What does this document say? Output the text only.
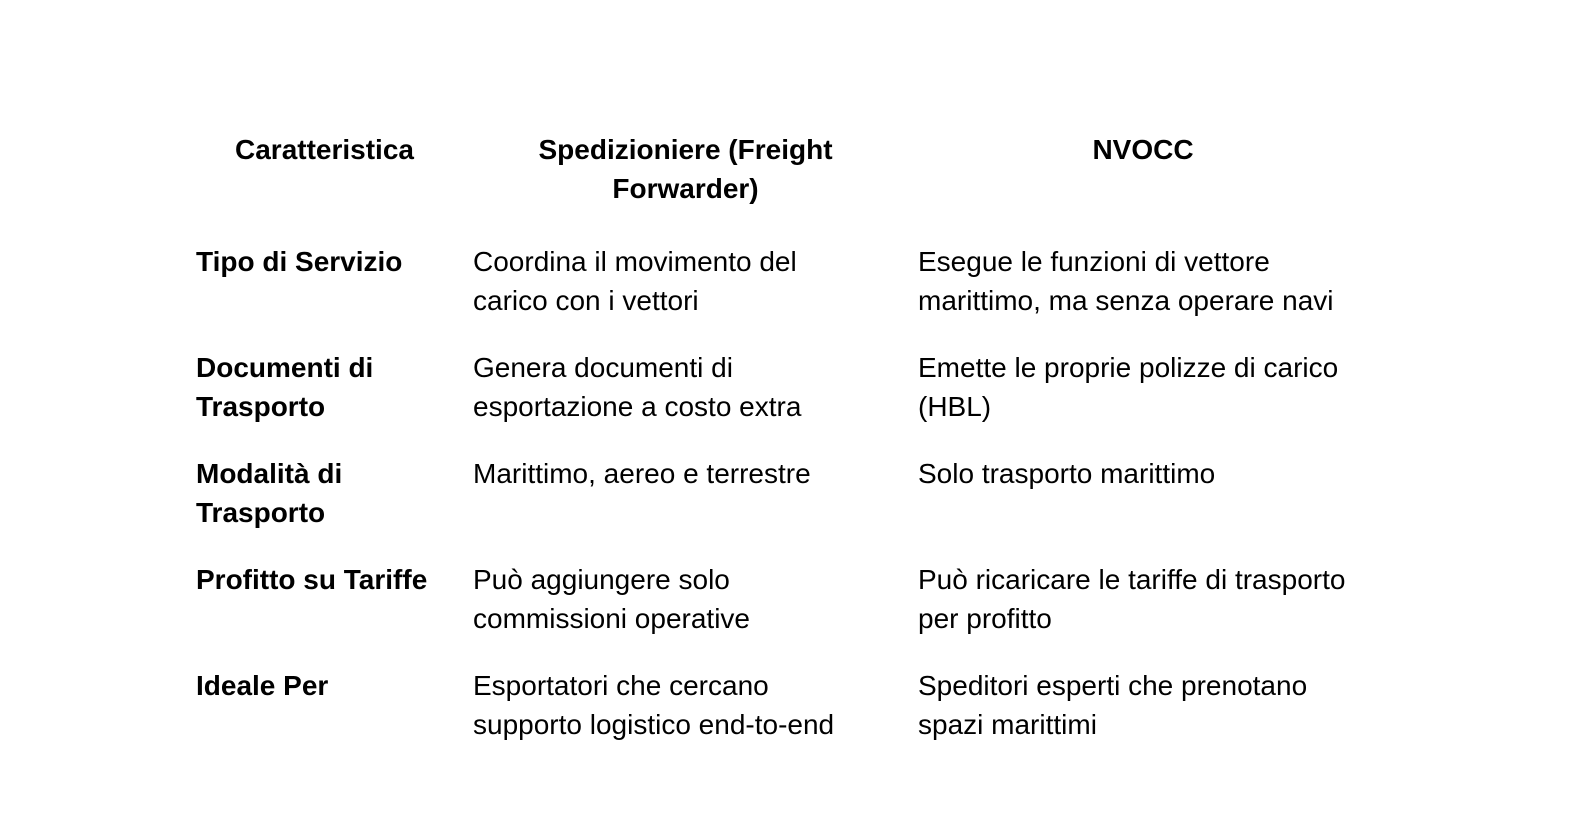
Caratteristica	Spedizioniere (Freight Forwarder)	NVOCC
Tipo di Servizio	Coordina il movimento del carico con i vettori	Esegue le funzioni di vettore marittimo, ma senza operare navi
Documenti di Trasporto	Genera documenti di esportazione a costo extra	Emette le proprie polizze di carico (HBL)
Modalità di Trasporto	Marittimo, aereo e terrestre	Solo trasporto marittimo
Profitto su Tariffe	Può aggiungere solo commissioni operative	Può ricaricare le tariffe di trasporto per profitto
Ideale Per	Esportatori che cercano supporto logistico end-to-end	Speditori esperti che prenotano spazi marittimi
